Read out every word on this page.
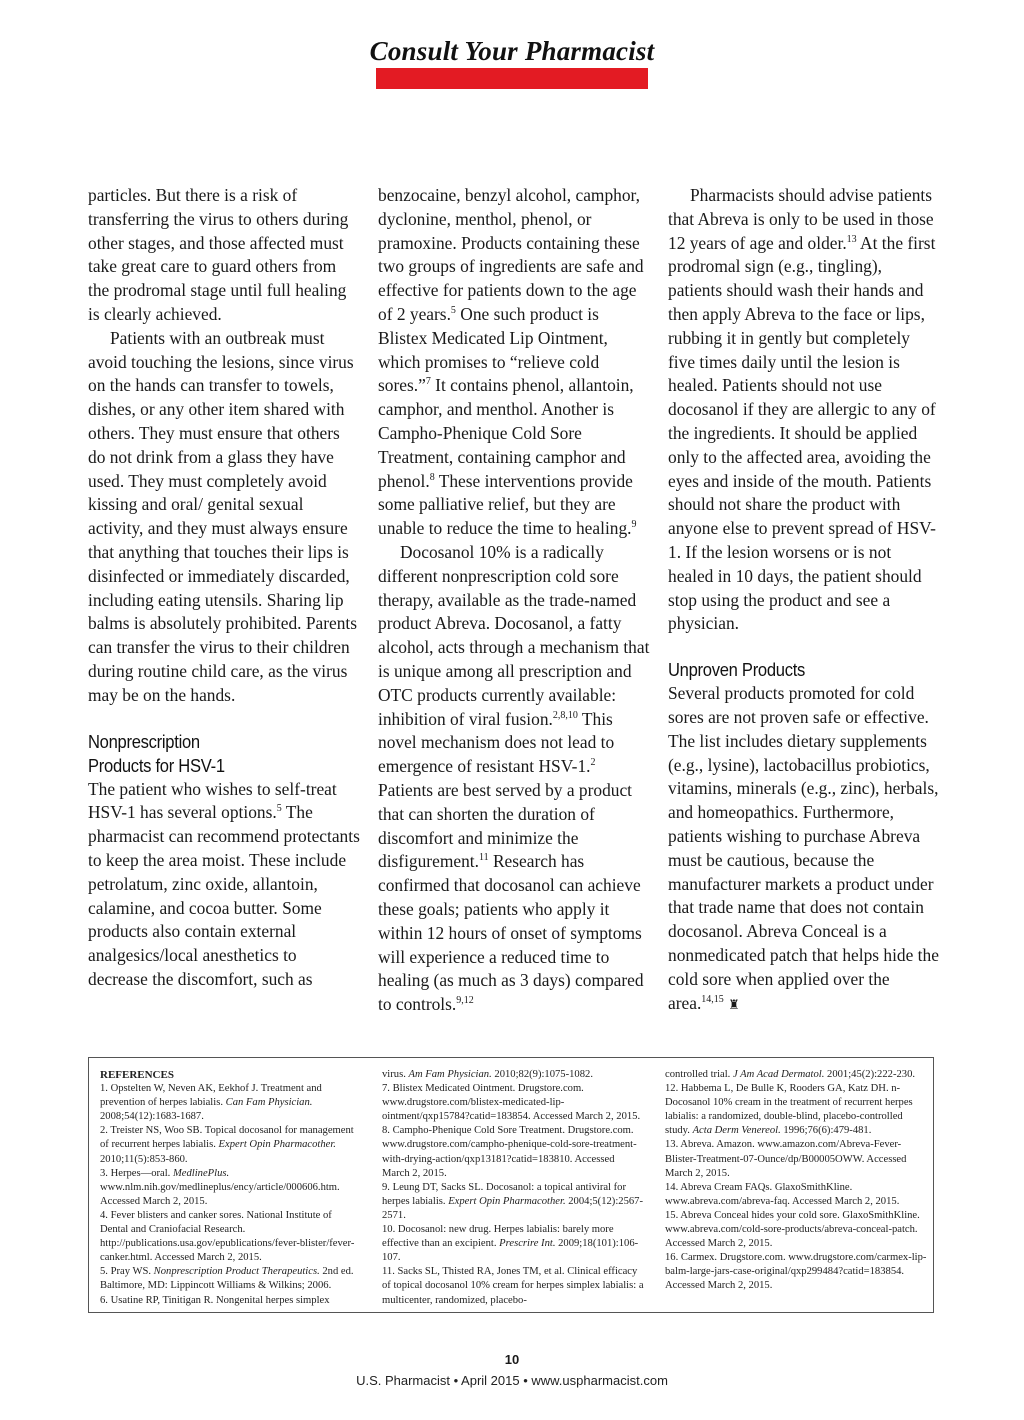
Consult Your Pharmacist

particles. But there is a risk of transferring the virus to others during other stages, and those affected must take great care to guard others from the prodromal stage until full healing is clearly achieved.

Patients with an outbreak must avoid touching the lesions, since virus on the hands can transfer to towels, dishes, or any other item shared with others. They must ensure that others do not drink from a glass they have used. They must completely avoid kissing and oral/ genital sexual activity, and they must always ensure that anything that touches their lips is disinfected or immediately discarded, including eating utensils. Sharing lip balms is absolutely prohibited. Parents can transfer the virus to their children during routine child care, as the virus may be on the hands.

Nonprescription
Products for HSV-1

The patient who wishes to self-treat HSV-1 has several options.$^5$ The pharmacist can recommend protectants to keep the area moist. These include petrolatum, zinc oxide, allantoin, calamine, and cocoa butter. Some products also contain external analgesics/local anesthetics to decrease the discomfort, such as

benzocaine, benzyl alcohol, camphor, dyclonine, menthol, phenol, or pramoxine. Products containing these two groups of ingredients are safe and effective for patients down to the age of 2 years.$^5$ One such product is Blistex Medicated Lip Ointment, which promises to “relieve cold sores.”$^7$ It contains phenol, allantoin, camphor, and menthol. Another is Campho-Phenique Cold Sore Treatment, containing camphor and phenol.$^8$ These interventions provide some palliative relief, but they are unable to reduce the time to healing.$^9$

Docosanol 10% is a radically different nonprescription cold sore therapy, available as the trade-named product Abreva. Docosanol, a fatty alcohol, acts through a mechanism that is unique among all prescription and OTC products currently available: inhibition of viral fusion.$^{2,8,10}$ This novel mechanism does not lead to emergence of resistant HSV-1.$^2$ Patients are best served by a product that can shorten the duration of discomfort and minimize the disfigurement.$^{11}$ Research has confirmed that docosanol can achieve these goals; patients who apply it within 12 hours of onset of symptoms will experience a reduced time to healing (as much as 3 days) compared to controls.$^{9,12}$

Pharmacists should advise patients that Abreva is only to be used in those 12 years of age and older.$^{13}$ At the first prodromal sign (e.g., tingling), patients should wash their hands and then apply Abreva to the face or lips, rubbing it in gently but completely five times daily until the lesion is healed. Patients should not use docosanol if they are allergic to any of the ingredients. It should be applied only to the affected area, avoiding the eyes and inside of the mouth. Patients should not share the product with anyone else to prevent spread of HSV-1. If the lesion worsens or is not healed in 10 days, the patient should stop using the product and see a physician.

Unproven Products

Several products promoted for cold sores are not proven safe or effective. The list includes dietary supplements (e.g., lysine), lactobacillus probiotics, vitamins, minerals (e.g., zinc), herbals, and homeopathics. Furthermore, patients wishing to purchase Abreva must be cautious, because the manufacturer markets a product under that trade name that does not contain docosanol. Abreva Conceal is a nonmedicated patch that helps hide the cold sore when applied over the area.$^{14,15}$ ♜

REFERENCES

1. Opstelten W, Neven AK, Eekhof J. Treatment and prevention of herpes labialis. Can Fam Physician. 2008;54(12):1683-1687.

2. Treister NS, Woo SB. Topical docosanol for management of recurrent herpes labialis. Expert Opin Pharmacother. 2010;11(5):853-860.

3. Herpes—oral. MedlinePlus. www.nlm.nih.gov/medlineplus/ency/article/000606.htm. Accessed March 2, 2015.

4. Fever blisters and canker sores. National Institute of Dental and Craniofacial Research. http://publications.usa.gov/epublications/fever-blister/fever-canker.html. Accessed March 2, 2015.

5. Pray WS. Nonprescription Product Therapeutics. 2nd ed. Baltimore, MD: Lippincott Williams & Wilkins; 2006.

6. Usatine RP, Tinitigan R. Nongenital herpes simplex

virus. Am Fam Physician. 2010;82(9):1075-1082.

7. Blistex Medicated Ointment. Drugstore.com. www.drugstore.com/blistex-medicated-lip-ointment/qxp15784?catid=183854. Accessed March 2, 2015.

8. Campho-Phenique Cold Sore Treatment. Drugstore.com. www.drugstore.com/campho-phenique-cold-sore-treatment-with-drying-action/qxp13181?catid=183810. Accessed March 2, 2015.

9. Leung DT, Sacks SL. Docosanol: a topical antiviral for herpes labialis. Expert Opin Pharmacother. 2004;5(12):2567-2571.

10. Docosanol: new drug. Herpes labialis: barely more effective than an excipient. Prescrire Int. 2009;18(101):106-107.

11. Sacks SL, Thisted RA, Jones TM, et al. Clinical efficacy of topical docosanol 10% cream for herpes simplex labialis: a multicenter, randomized, placebo-

controlled trial. J Am Acad Dermatol. 2001;45(2):222-230.

12. Habbema L, De Bulle K, Rooders GA, Katz DH. n-Docosanol 10% cream in the treatment of recurrent herpes labialis: a randomized, double-blind, placebo-controlled study. Acta Derm Venereol. 1996;76(6):479-481.

13. Abreva. Amazon. www.amazon.com/Abreva-Fever-Blister-Treatment-07-Ounce/dp/B00005OWW. Accessed March 2, 2015.

14. Abreva Cream FAQs. GlaxoSmithKline. www.abreva.com/abreva-faq. Accessed March 2, 2015.

15. Abreva Conceal hides your cold sore. GlaxoSmithKline. www.abreva.com/cold-sore-products/abreva-conceal-patch. Accessed March 2, 2015.

16. Carmex. Drugstore.com. www.drugstore.com/carmex-lip-balm-large-jars-case-original/qxp299484?catid=183854. Accessed March 2, 2015.

10
U.S. Pharmacist • April 2015 • www.uspharmacist.com
